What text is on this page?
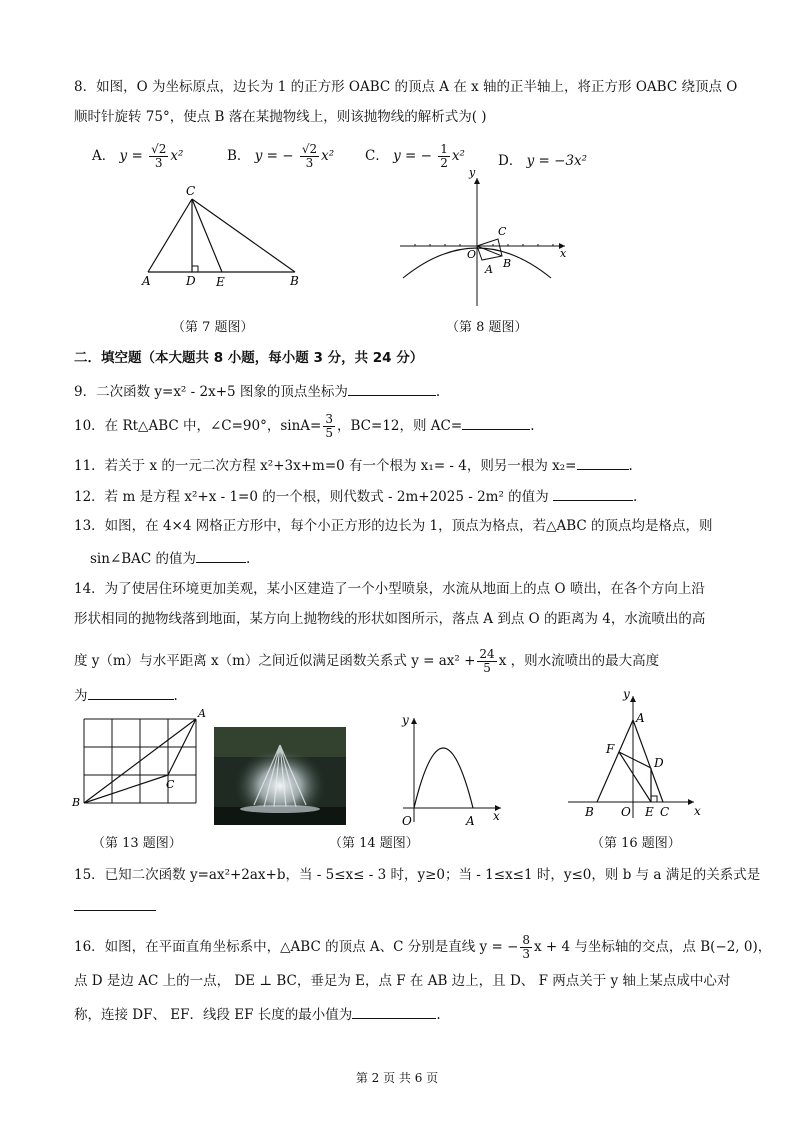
8．如图，O 为坐标原点，边长为 1 的正方形 OABC 的顶点 A 在 x 轴的正半轴上，将正方形 OABC 绕顶点 O
顺时针旋转 75°，使点 B 落在某抛物线上，则该抛物线的解析式为( )
A． $y = \frac{√2}{3} x^2$	B． y = − $\frac{√2}{3} x^2$ C． y = − $\frac{1}{2} x^2$ D． y = −3x²
C
A	D E	B
（第 7 题图）
y
x
O
A B
C
（第 8 题图）
二．填空题（本大题共 8 小题，每小题 3 分，共 24 分）
9．二次函数 y=x² - 2x+5 图象的顶点坐标为	.
10．在 Rt△ABC 中，∠C=90°，$\sin A= \frac{3}{5}$ ，BC=12，则 AC=	.
11．若关于 x 的一元二次方程 x²+3x+m=0 有一个根为 x₁= - 4，则另一根为 x₂=	.
12．若 m 是方程 x²+x - 1=0 的一个根，则代数式 - 2m+2025 - 2m² 的值为	.
13．如图，在 4×4 网格正方形中，每个小正方形的边长为 1，顶点为格点，若△ABC 的顶点均是格点，则
sin∠BAC 的值为	.
14．为了使居住环境更加美观，某小区建造了一个小型喷泉，水流从地面上的点 O 喷出，在各个方向上沿
形状相同的抛物线落到地面，某方向上抛物线的形状如图所示，落点 A 到点 O 的距离为 4，水流喷出的高
度 y（m）与水平距离 x（m）之间近似满足函数关系式 $y = ax^2 + \frac{24}{5}$ x ，则水流喷出的最大高度
为	.
A
B
C
（第 13 题图）
y
x
O	A
（第 14 题图）
y
x
A
B	C
D
E
F
O
（第 16 题图）
15．已知二次函数 y=ax²+2ax+b，当 - 5≤x≤ - 3 时，y≥0；当 - 1≤x≤1 时，y≤0，则 b 与 a 满足的关系式是
16．如图，在平面直角坐标系中，△ABC 的顶点 A、C 分别是直线 y = − $\frac{8}{3}$ x + 4 与坐标轴的交点，点 B(−2, 0)，
点 D 是边 AC 上的一点， DE ⊥ BC，垂足为 E，点 F 在 AB 边上，且 D、 F 两点关于 y 轴上某点成中心对
称，连接 DF、 EF．线段 EF 长度的最小值为	.
第 2 页 共 6 页
